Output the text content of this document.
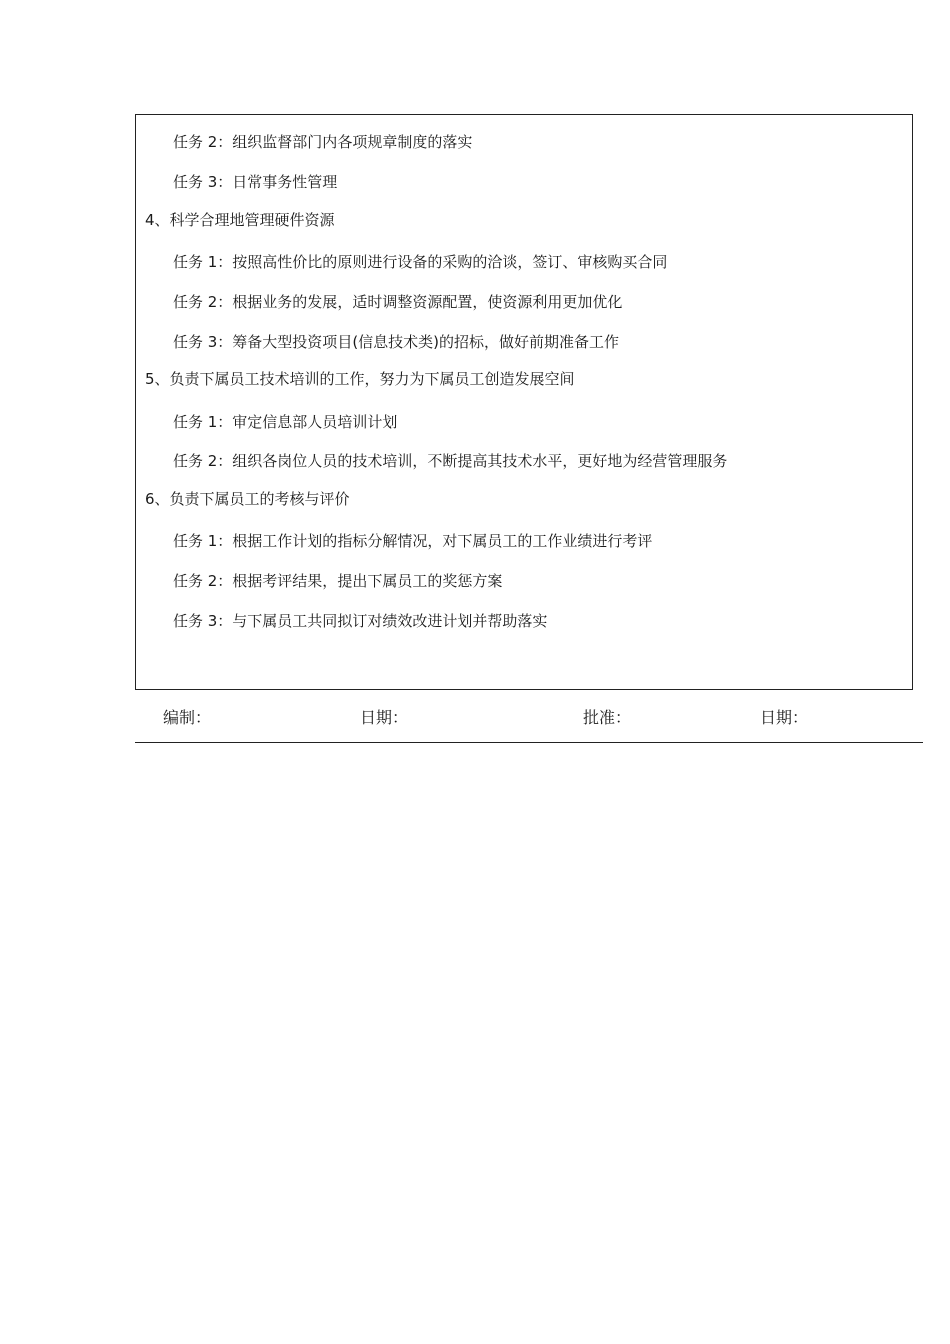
任务 2：组织监督部门内各项规章制度的落实
任务 3：日常事务性管理
4、科学合理地管理硬件资源
任务 1：按照高性价比的原则进行设备的采购的洽谈，签订、审核购买合同
任务 2：根据业务的发展，适时调整资源配置，使资源利用更加优化
任务 3：筹备大型投资项目(信息技术类)的招标，做好前期准备工作
5、负责下属员工技术培训的工作，努力为下属员工创造发展空间
任务 1：审定信息部人员培训计划
任务 2：组织各岗位人员的技术培训，不断提高其技术水平，更好地为经营管理服务
6、负责下属员工的考核与评价
任务 1：根据工作计划的指标分解情况，对下属员工的工作业绩进行考评
任务 2：根据考评结果，提出下属员工的奖惩方案
任务 3：与下属员工共同拟订对绩效改进计划并帮助落实
编制：	日期：	批准：	日期：
